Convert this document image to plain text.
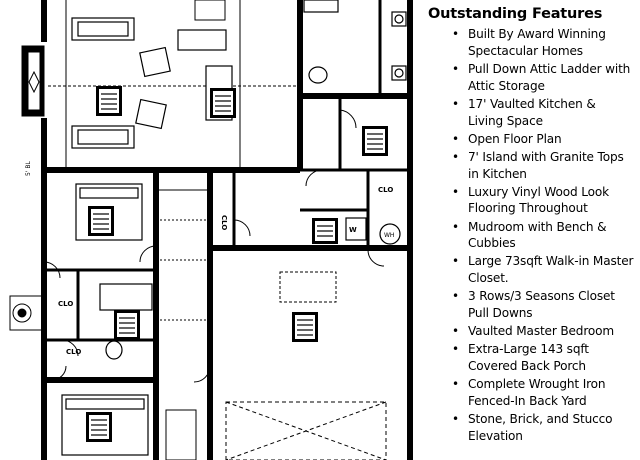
CLO
CLO
CLO
CLO
WH
W
5' BL
Outstanding Features
• Built By Award Winning Spectacular Homes
• Pull Down Attic Ladder with Attic Storage
• 17' Vaulted Kitchen & Living Space
• Open Floor Plan
• 7' Island with Granite Tops in Kitchen
• Luxury Vinyl Wood Look Flooring Throughout
• Mudroom with Bench & Cubbies
• Large 73sqft Walk-in Master Closet.
• 3 Rows/3 Seasons Closet Pull Downs
• Vaulted Master Bedroom
• Extra-Large 143 sqft Covered Back Porch
• Complete Wrought Iron Fenced-In Back Yard
• Stone, Brick, and Stucco Elevation
